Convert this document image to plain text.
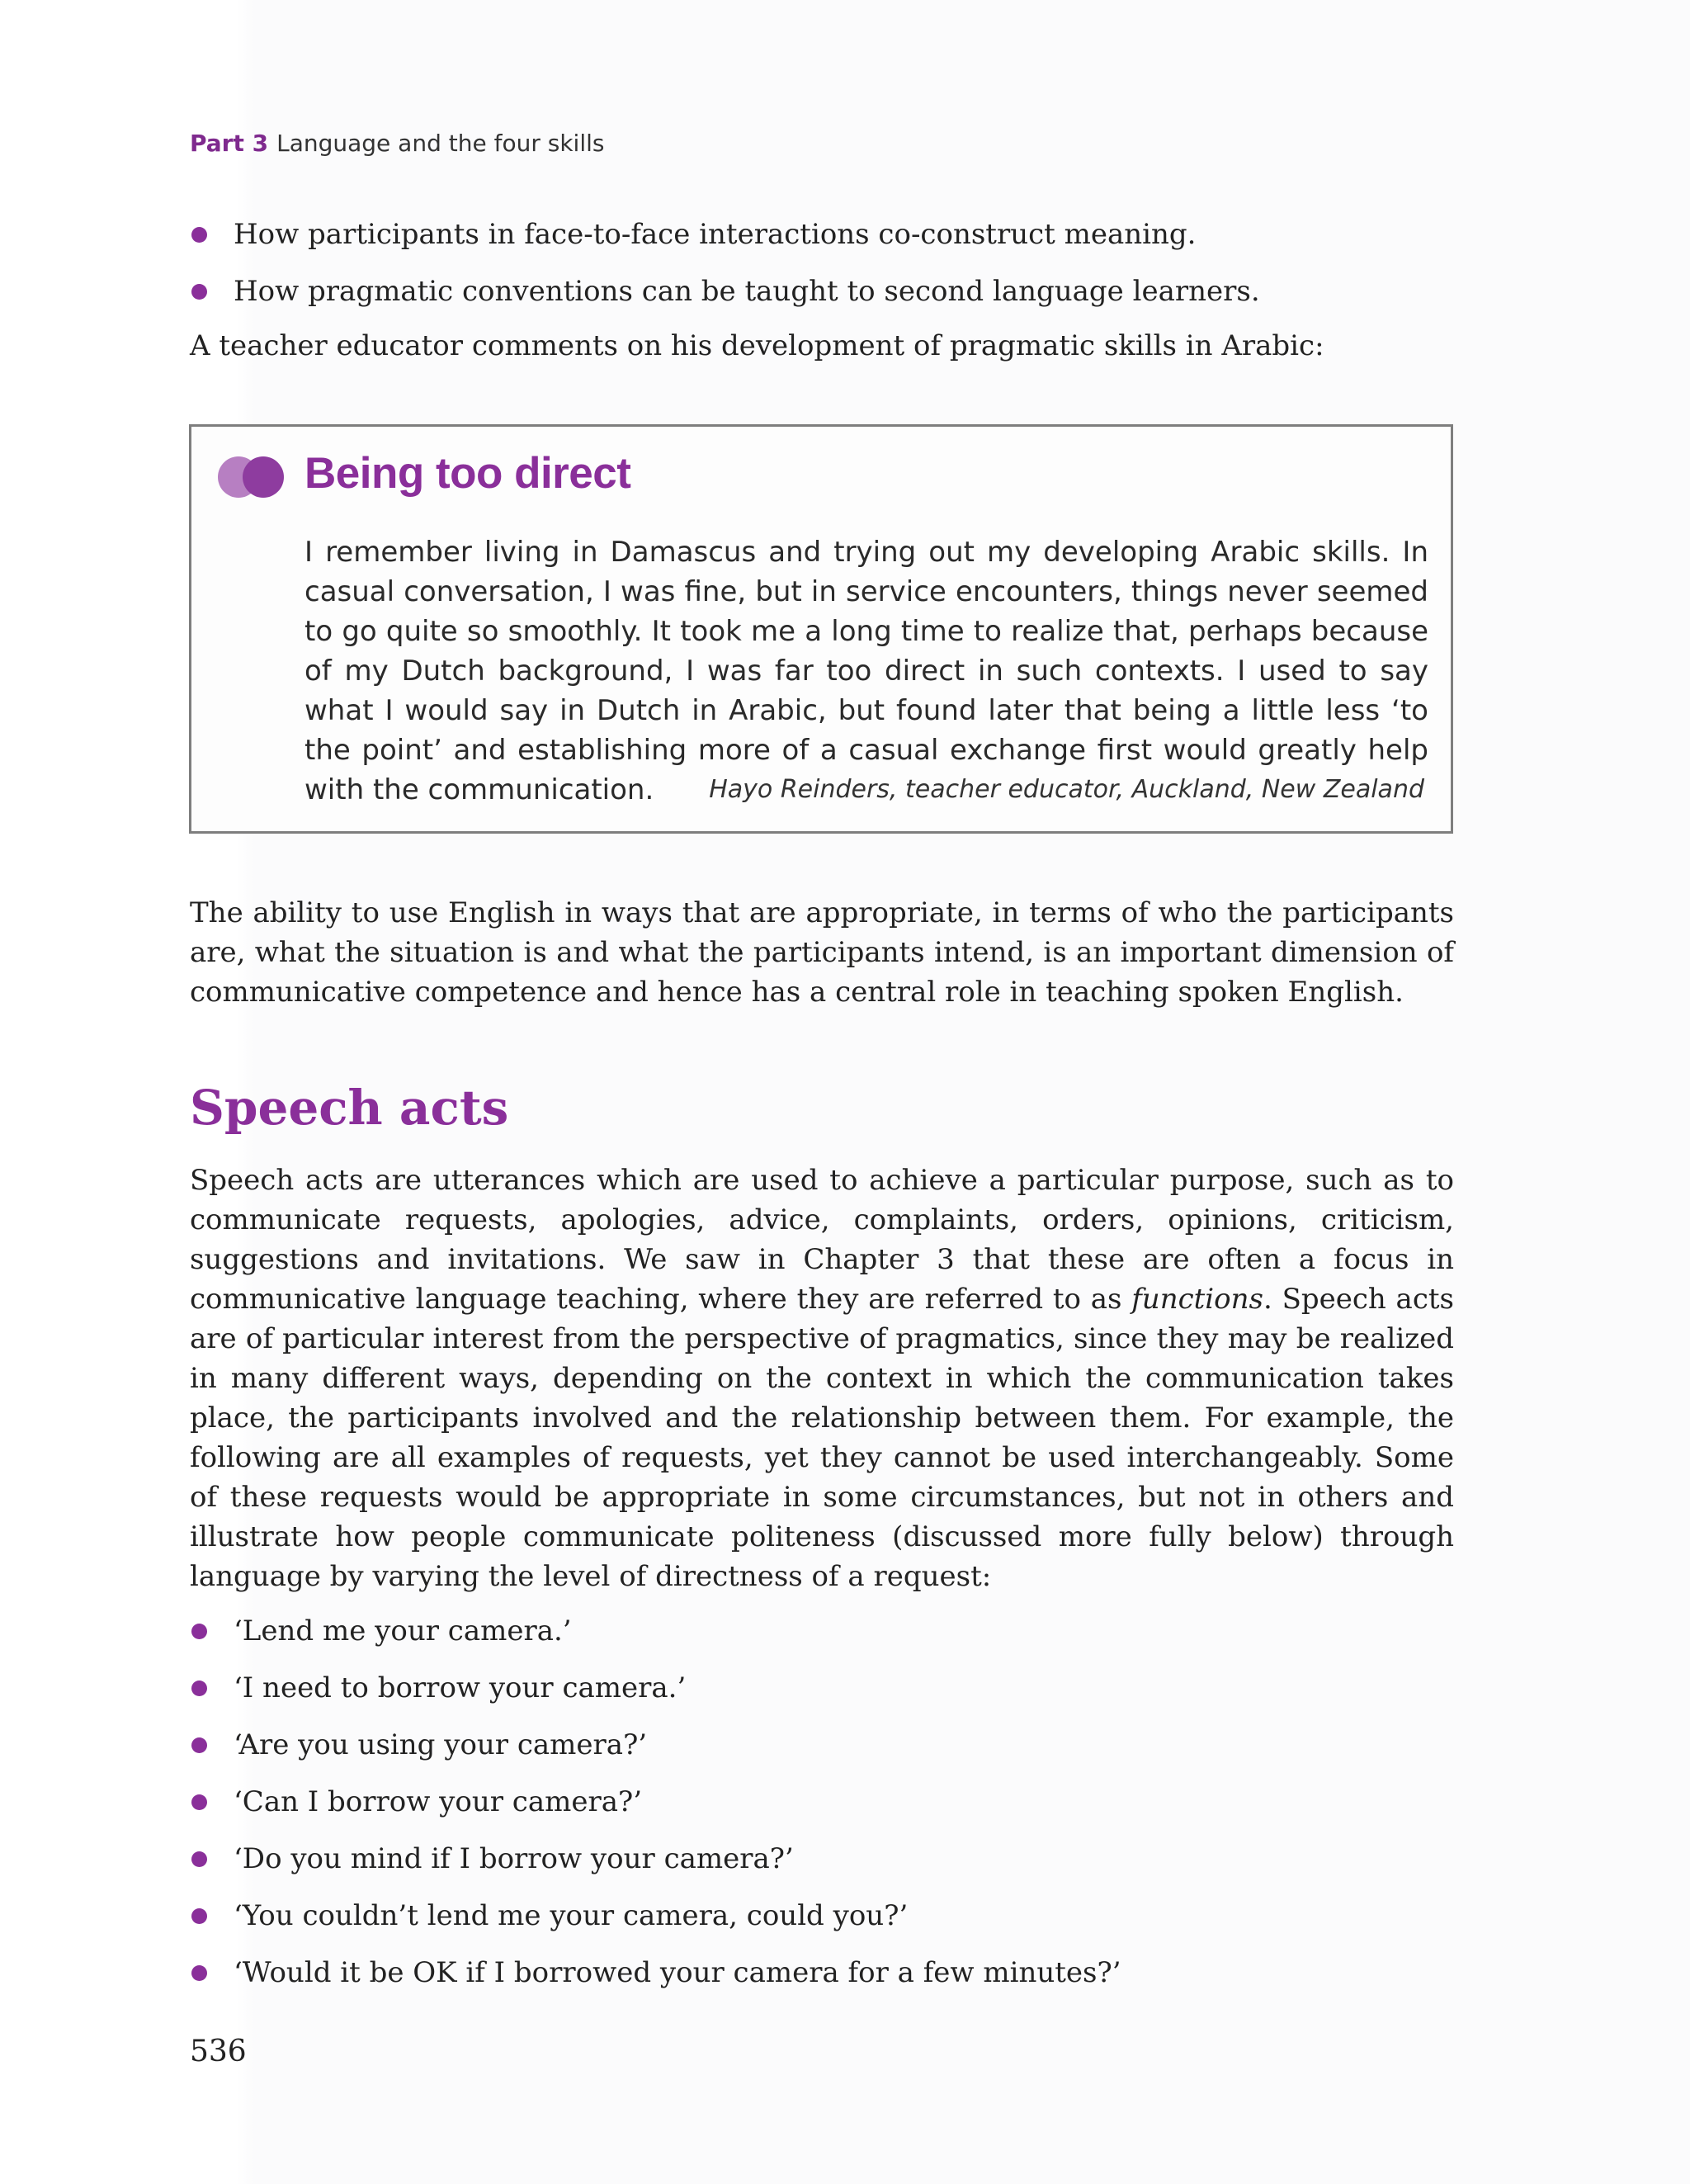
Part 3 Language and the four skills
How participants in face-to-face interactions co-construct meaning.
How pragmatic conventions can be taught to second language learners.

A teacher educator comments on his development of pragmatic skills in Arabic:

Being too direct

I remember living in Damascus and trying out my developing Arabic skills. In casual conversation, I was fine, but in service encounters, things never seemed to go quite so smoothly. It took me a long time to realize that, perhaps because of my Dutch background, I was far too direct in such contexts. I used to say what I would say in Dutch in Arabic, but found later that being a little less ‘to the point’ and establishing more of a casual exchange first would greatly help with the communication.	Hayo Reinders, teacher educator, Auckland, New Zealand

The ability to use English in ways that are appropriate, in terms of who the participants are, what the situation is and what the participants intend, is an important dimension of communicative competence and hence has a central role in teaching spoken English.

Speech acts

Speech acts are utterances which are used to achieve a particular purpose, such as to communicate requests, apologies, advice, complaints, orders, opinions, criticism, suggestions and invitations. We saw in Chapter 3 that these are often a focus in communicative language teaching, where they are referred to as functions. Speech acts are of particular interest from the perspective of pragmatics, since they may be realized in many different ways, depending on the context in which the communication takes place, the participants involved and the relationship between them. For example, the following are all examples of requests, yet they cannot be used interchangeably. Some of these requests would be appropriate in some circumstances, but not in others and illustrate how people communicate politeness (discussed more fully below) through language by varying the level of directness of a request:

‘Lend me your camera.’
‘I need to borrow your camera.’
‘Are you using your camera?’
‘Can I borrow your camera?’
‘Do you mind if I borrow your camera?’
‘You couldn’t lend me your camera, could you?’
‘Would it be OK if I borrowed your camera for a few minutes?’
536
